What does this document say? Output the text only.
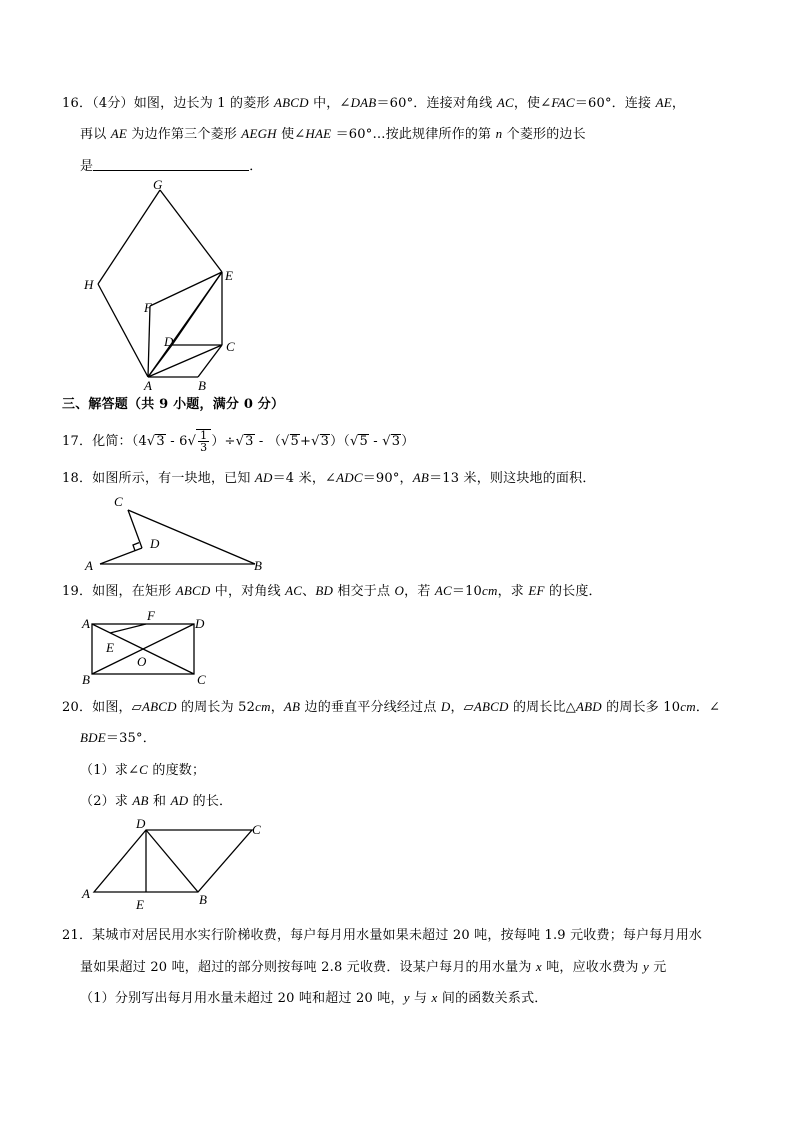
16．（4分）如图，边长为 1 的菱形 ABCD 中，∠DAB＝60°．连接对角线 AC，使∠FAC＝60°．连接 AE，
再以 AE 为边作第三个菱形 AEGH 使∠HAE ＝60°…按此规律所作的第 n 个菱形的边长
是	．
G
H
E
F
D	C
A	B
三、解答题（共 9 小题，满分 0 分）
17．化简：$(4√3 - 6√ \frac{1}{3} )\div√3 - (√5+√3)(√5 - √3)$
18．如图所示，有一块地，已知 AD＝4 米，∠ADC＝90°，AB＝13 米，则这块地的面积．
C
D
A	B
19．如图，在矩形 ABCD 中，对角线 AC、BD 相交于点 O，若 AC＝10cm，求 EF 的长度．
A
F
D
E
O
B	C
20．如图，▱ABCD 的周长为 52cm，AB 边的垂直平分线经过点 D，▱ABCD 的周长比△ABD 的周长多 10cm．∠
BDE＝35°．
（1）求∠C 的度数；
（2）求 AB 和 AD 的长．
D	C
A
E	B
21．某城市对居民用水实行阶梯收费，每户每月用水量如果未超过 20 吨，按每吨 1.9 元收费；每户每月用水
量如果超过 20 吨，超过的部分则按每吨 2.8 元收费．设某户每月的用水量为 x 吨，应收水费为 y 元
（1）分别写出每月用水量未超过 20 吨和超过 20 吨，y 与 x 间的函数关系式．
